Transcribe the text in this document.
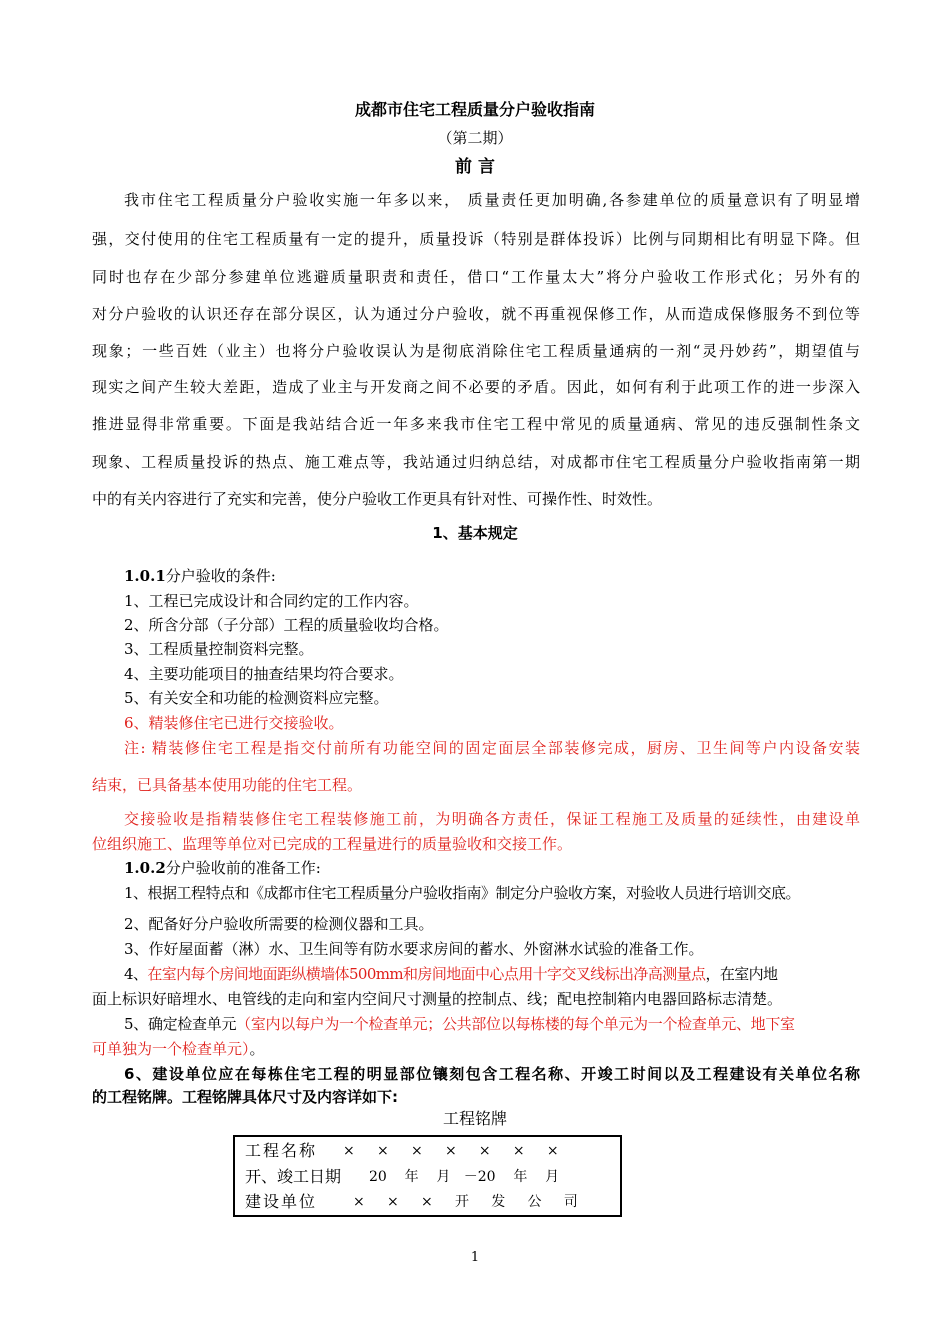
成都市住宅工程质量分户验收指南
（第二期）
前 言
我市住宅工程质量分户验收实施一年多以来， 质量责任更加明确,各参建单位的质量意识有了明显增
强，交付使用的住宅工程质量有一定的提升，质量投诉（特别是群体投诉）比例与同期相比有明显下降。但
同时也存在少部分参建单位逃避质量职责和责任，借口“工作量太大”将分户验收工作形式化；另外有的
对分户验收的认识还存在部分误区，认为通过分户验收，就不再重视保修工作，从而造成保修服务不到位等
现象；一些百姓（业主）也将分户验收误认为是彻底消除住宅工程质量通病的一剂“灵丹妙药”，期望值与
现实之间产生较大差距，造成了业主与开发商之间不必要的矛盾。因此，如何有利于此项工作的进一步深入
推进显得非常重要。下面是我站结合近一年多来我市住宅工程中常见的质量通病、常见的违反强制性条文
现象、工程质量投诉的热点、施工难点等，我站通过归纳总结，对成都市住宅工程质量分户验收指南第一期
中的有关内容进行了充实和完善，使分户验收工作更具有针对性、可操作性、时效性。
1、基本规定
1.0.1分户验收的条件:
1、工程已完成设计和合同约定的工作内容。
2、所含分部（子分部）工程的质量验收均合格。
3、工程质量控制资料完整。
4、主要功能项目的抽查结果均符合要求。
5、有关安全和功能的检测资料应完整。
6、精装修住宅已进行交接验收。
注: 精装修住宅工程是指交付前所有功能空间的固定面层全部装修完成，厨房、卫生间等户内设备安装
结束，已具备基本使用功能的住宅工程。
交接验收是指精装修住宅工程装修施工前，为明确各方责任，保证工程施工及质量的延续性，由建设单
位组织施工、监理等单位对已完成的工程量进行的质量验收和交接工作。
1.0.2分户验收前的准备工作:
1、根据工程特点和《成都市住宅工程质量分户验收指南》制定分户验收方案，对验收人员进行培训交底。
2、配备好分户验收所需要的检测仪器和工具。
3、作好屋面蓄（淋）水、卫生间等有防水要求房间的蓄水、外窗淋水试验的准备工作。
4、在室内每个房间地面距纵横墙体500mm和房间地面中心点用十字交叉线标出净高测量点，在室内地
面上标识好暗埋水、电管线的走向和室内空间尺寸测量的控制点、线；配电控制箱内电器回路标志清楚。
5、确定检查单元（室内以每户为一个检查单元；公共部位以每栋楼的每个单元为一个检查单元、地下室
可单独为一个检查单元）。
6、建设单位应在每栋住宅工程的明显部位镶刻包含工程名称、开竣工时间以及工程建设有关单位名称
的工程铭牌。工程铭牌具体尺寸及内容详如下:
工程铭牌
工程名称 ×     ×     ×     ×     ×     ×     ×
开、竣工日期 20    年    月   －20    年    月
建设单位	×     ×     ×     开     发     公     司
1
